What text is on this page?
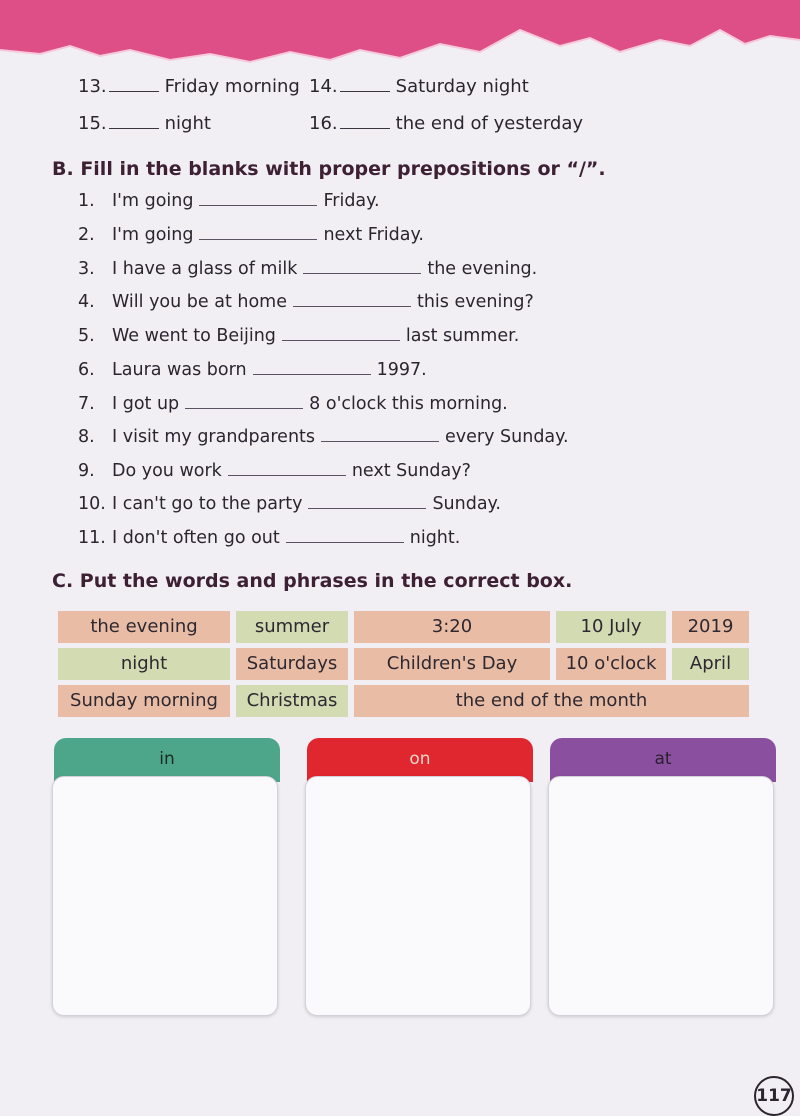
13.	Friday morning 14.	Saturday night
15.	night	16.	the end of yesterday
B. Fill in the blanks with proper prepositions or “/”.
1. I'm going	Friday.
2. I'm going	next Friday.
3. I have a glass of milk	the evening.
4. Will you be at home	this evening?
5. We went to Beijing	last summer.
6. Laura was born	1997.
7. I got up	8 o'clock this morning.
8. I visit my grandparents	every Sunday.
9. Do you work	next Sunday?
10. I can't go to the party	Sunday.
11. I don't often go out	night.
C. Put the words and phrases in the correct box.
the evening	summer	3:20	10 July	2019
night	Saturdays	Children's Day	10 o'clock	April
Sunday morning	Christmas	the end of the month
in	on	at
117
